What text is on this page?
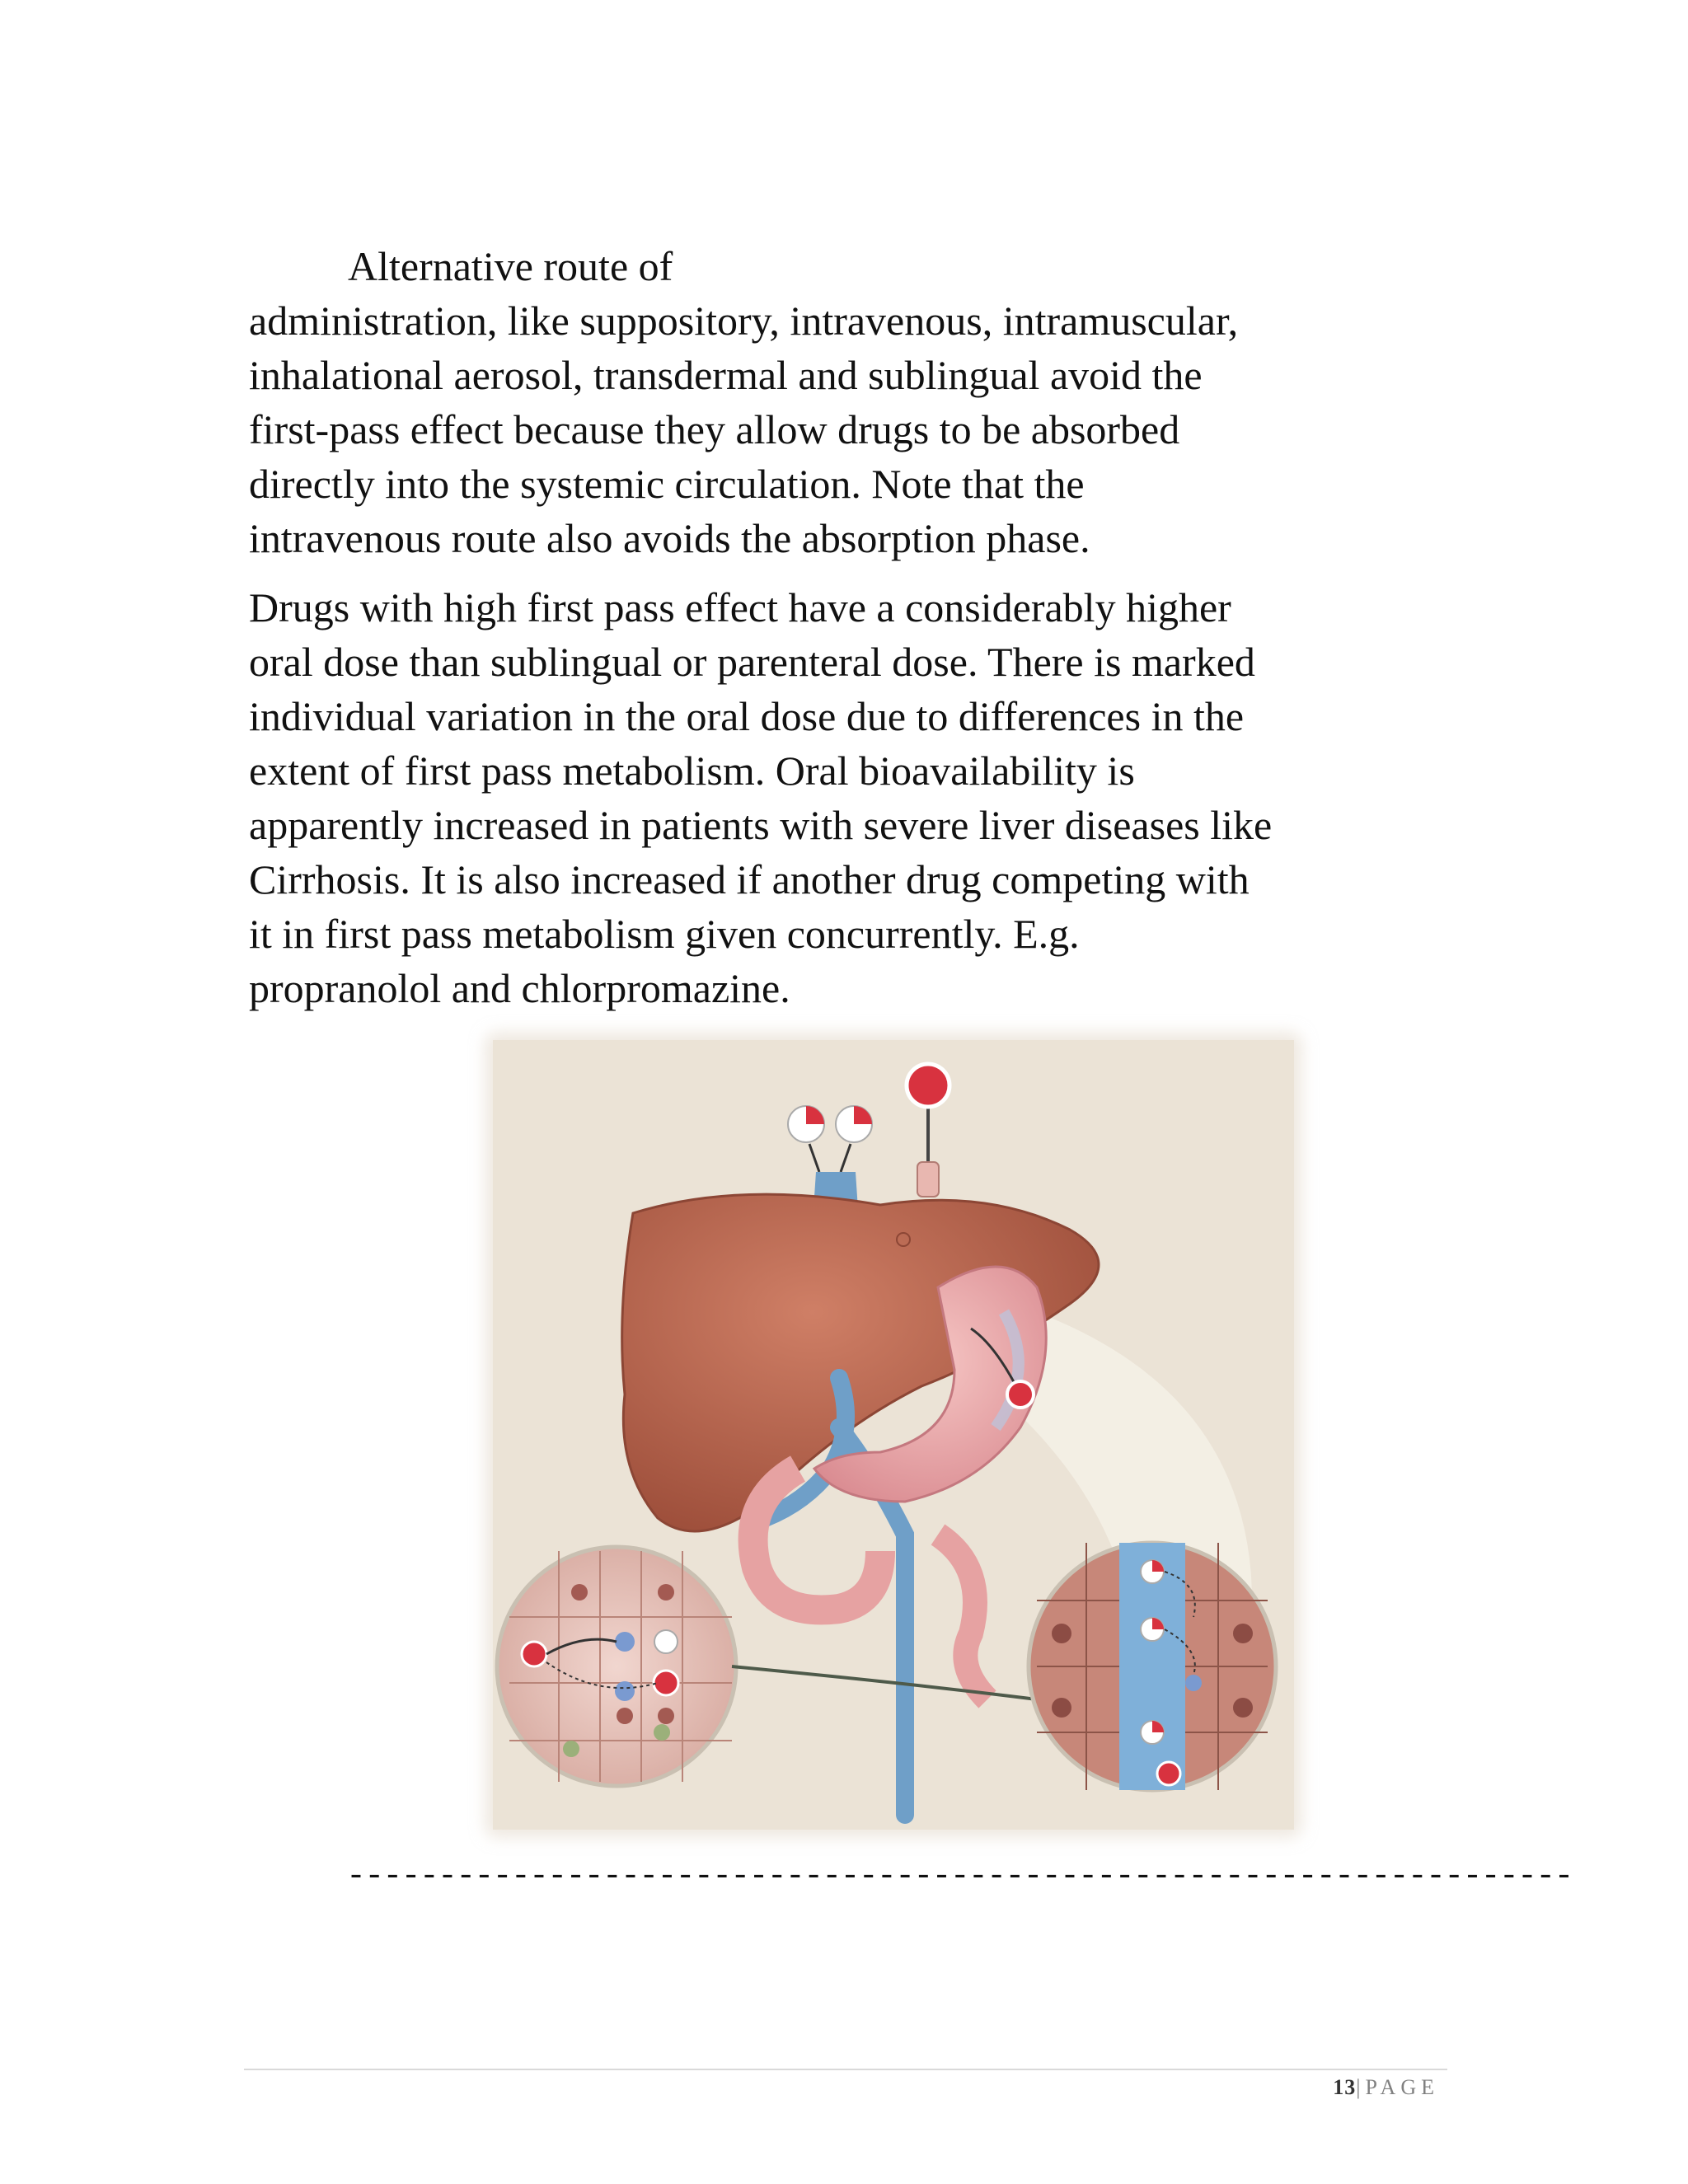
Alternative route of
administration, like suppository, intravenous, intramuscular,
inhalational aerosol, transdermal and sublingual avoid the
first-pass effect because they allow drugs to be absorbed
directly into the systemic circulation. Note that the
intravenous route also avoids the absorption phase.
Drugs with high first pass effect have a considerably higher
oral dose than sublingual or parenteral dose. There is marked
individual variation in the oral dose due to differences in the
extent of first pass metabolism. Oral bioavailability is
apparently increased in patients with severe liver diseases like
Cirrhosis. It is also increased if another drug competing with
it in first pass metabolism given concurrently. E.g.
propranolol and chlorpromazine.
-------------------------------------------------------------------
13|PAGE
